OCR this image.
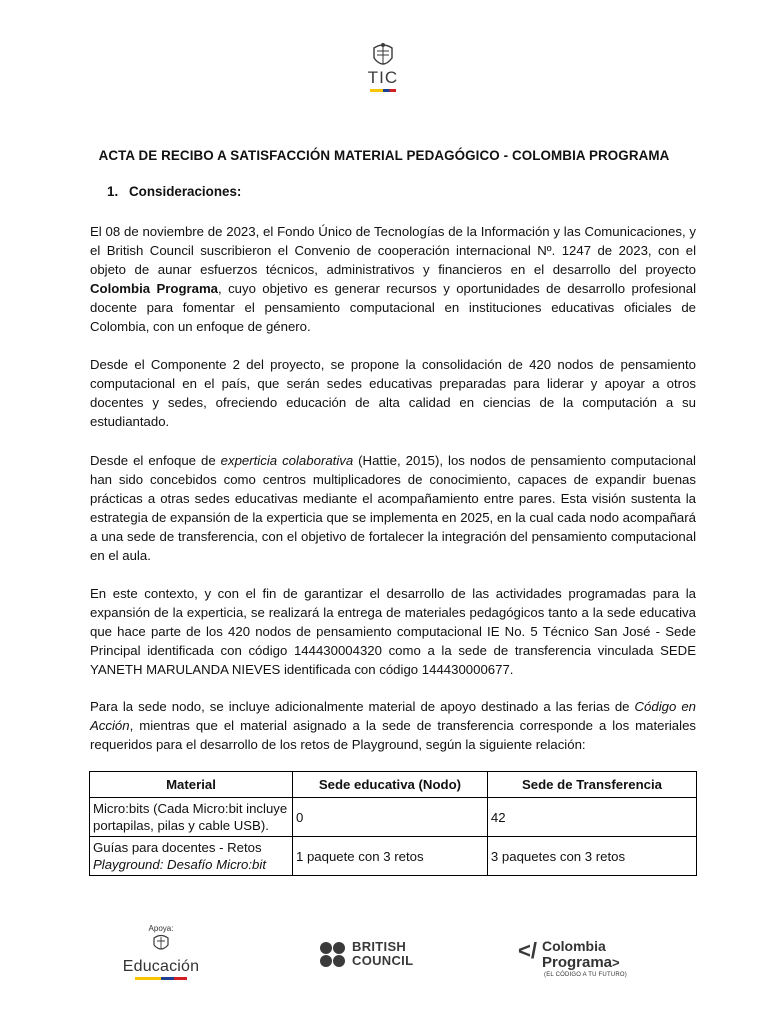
TIC
ACTA DE RECIBO A SATISFACCIÓN MATERIAL PEDAGÓGICO - COLOMBIA PROGRAMA
1. Consideraciones:
El 08 de noviembre de 2023, el Fondo Único de Tecnologías de la Información y las Comunicaciones, y el British Council suscribieron el Convenio de cooperación internacional Nº. 1247 de 2023, con el objeto de aunar esfuerzos técnicos, administrativos y financieros en el desarrollo del proyecto Colombia Programa, cuyo objetivo es generar recursos y oportunidades de desarrollo profesional docente para fomentar el pensamiento computacional en instituciones educativas oficiales de Colombia, con un enfoque de género.
Desde el Componente 2 del proyecto, se propone la consolidación de 420 nodos de pensamiento computacional en el país, que serán sedes educativas preparadas para liderar y apoyar a otros docentes y sedes, ofreciendo educación de alta calidad en ciencias de la computación a su estudiantado.
Desde el enfoque de experticia colaborativa (Hattie, 2015), los nodos de pensamiento computacional han sido concebidos como centros multiplicadores de conocimiento, capaces de expandir buenas prácticas a otras sedes educativas mediante el acompañamiento entre pares. Esta visión sustenta la estrategia de expansión de la experticia que se implementa en 2025, en la cual cada nodo acompañará a una sede de transferencia, con el objetivo de fortalecer la integración del pensamiento computacional en el aula.
En este contexto, y con el fin de garantizar el desarrollo de las actividades programadas para la expansión de la experticia, se realizará la entrega de materiales pedagógicos tanto a la sede educativa que hace parte de los 420 nodos de pensamiento computacional IE No. 5 Técnico San José - Sede Principal identificada con código 144430004320 como a la sede de transferencia vinculada SEDE YANETH MARULANDA NIEVES identificada con código 144430000677.
Para la sede nodo, se incluye adicionalmente material de apoyo destinado a las ferias de Código en Acción, mientras que el material asignado a la sede de transferencia corresponde a los materiales requeridos para el desarrollo de los retos de Playground, según la siguiente relación:
Material	Sede educativa (Nodo)	Sede de Transferencia
Micro:bits (Cada Micro:bit incluye portapilas, pilas y cable USB).	0	42
Guías para docentes - Retos Playground: Desafío Micro:bit	1 paquete con 3 retos	3 paquetes con 3 retos
Apoya:
Educación
BRITISH
COUNCIL	</ Colombia
Programa>
(EL CÓDIGO A TU FUTURO)
